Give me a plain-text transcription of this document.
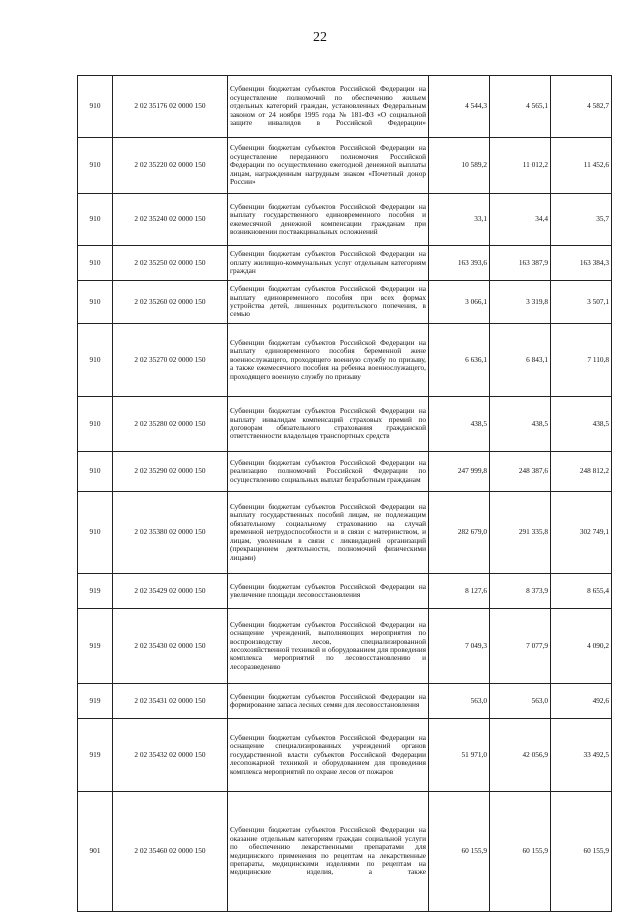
22
910	2 02 35176 02 0000 150	Субвенции бюджетам субъектов Российской Федерации на осуществление полномочий по обеспечению жильем отдельных категорий граждан, установленных Федеральным законом от 24 ноября 1995 года № 181-ФЗ «О социальной защите инвалидов в Российской Федерации»	4 544,3	4 565,1	4 582,7
910	2 02 35220 02 0000 150	Субвенции бюджетам субъектов Российской Федерации на осуществление переданного полномочия Российской Федерации по осуществлению ежегодной денежной выплаты лицам, награжденным нагрудным знаком «Почетный донор России»	10 589,2	11 012,2	11 452,6
910	2 02 35240 02 0000 150	Субвенции бюджетам субъектов Российской Федерации на выплату государственного единовременного пособия и ежемесячной денежной компенсации гражданам при возникновении поствакцинальных осложнений	33,1	34,4	35,7
910	2 02 35250 02 0000 150	Субвенции бюджетам субъектов Российской Федерации на оплату жилищно-коммунальных услуг отдельным категориям граждан	163 393,6	163 387,9	163 384,3
910	2 02 35260 02 0000 150	Субвенции бюджетам субъектов Российской Федерации на выплату единовременного пособия при всех формах устройства детей, лишенных родительского попечения, в семью	3 066,1	3 319,8	3 507,1
910	2 02 35270 02 0000 150	Субвенции бюджетам субъектов Российской Федерации на выплату единовременного пособия беременной жене военнослужащего, проходящего военную службу по призыву, а также ежемесячного пособия на ребенка военнослужащего, проходящего военную службу по призыву	6 636,1	6 843,1	7 110,8
910	2 02 35280 02 0000 150	Субвенции бюджетам субъектов Российской Федерации на выплату инвалидам компенсаций страховых премий по договорам обязательного страхования гражданской ответственности владельцев транспортных средств	438,5	438,5	438,5
910	2 02 35290 02 0000 150	Субвенции бюджетам субъектов Российской Федерации на реализацию полномочий Российской Федерации по осуществлению социальных выплат безработным гражданам	247 999,8	248 387,6	248 812,2
910	2 02 35380 02 0000 150	Субвенции бюджетам субъектов Российской Федерации на выплату государственных пособий лицам, не подлежащим обязательному социальному страхованию на случай временной нетрудоспособности и в связи с материнством, и лицам, уволенным в связи с ликвидацией организаций (прекращением деятельности, полномочий физическими лицами)	282 679,0	291 335,8	302 749,1
919	2 02 35429 02 0000 150	Субвенции бюджетам субъектов Российской Федерации на увеличение площади лесовосстановления	8 127,6	8 373,9	8 655,4
919	2 02 35430 02 0000 150	Субвенции бюджетам субъектов Российской Федерации на оснащение учреждений, выполняющих мероприятия по воспроизводству лесов, специализированной лесохозяйственной техникой и оборудованием для проведения комплекса мероприятий по лесовосстановлению и лесоразведению	7 049,3	7 077,9	4 090,2
919	2 02 35431 02 0000 150	Субвенции бюджетам субъектов Российской Федерации на формирование запаса лесных семян для лесовосстановления	563,0	563,0	492,6
919	2 02 35432 02 0000 150	Субвенции бюджетам субъектов Российской Федерации на оснащение специализированных учреждений органов государственной власти субъектов Российской Федерации лесопожарной техникой и оборудованием для проведения комплекса мероприятий по охране лесов от пожаров	51 971,0	42 056,9	33 492,5
901	2 02 35460 02 0000 150	Субвенции бюджетам субъектов Российской Федерации на оказание отдельным категориям граждан социальной услуги по обеспечению лекарственными препаратами для медицинского применения по рецептам на лекарственные препараты, медицинскими изделиями по рецептам на медицинские изделия, а также	60 155,9	60 155,9	60 155,9
